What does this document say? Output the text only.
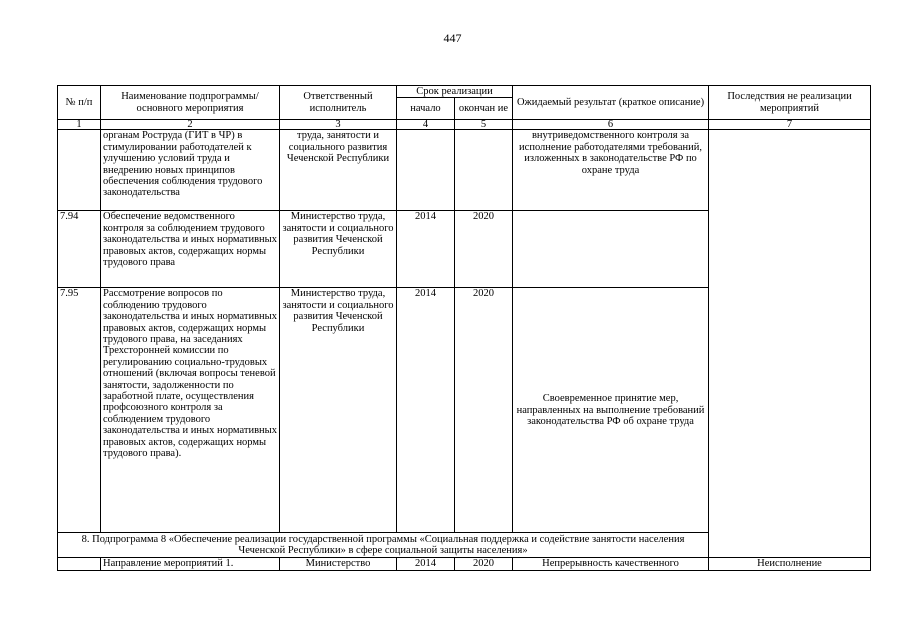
447
№ п/п	Наименование подпрограммы/ основного мероприятия	Ответственный исполнитель	Срок реализации		Ожидаемый результат (краткое описание)	Последствия не реализации мероприятий
			начало	окончан ие		
1	2	3	4	5	6	7
	органам Роструда (ГИТ в ЧР) в стимулировании работодателей к улучшению условий труда и внедрению новых принципов обеспечения соблюдения трудового законодательства	труда, занятости и социального развития Чеченской Республики			внутриведомственного контроля за исполнение работодателями требований, изложенных в законодательстве РФ по охране труда	
7.94	Обеспечение ведомственного контроля за соблюдением трудового законодательства и иных нормативных правовых актов, содержащих нормы трудового права	Министерство труда, занятости и социального развития Чеченской Республики	2014	2020		
7.95	Рассмотрение вопросов по соблюдению трудового законодательства и иных нормативных правовых актов, содержащих нормы трудового права, на заседаниях Трехсторонней комиссии по регулированию социально-трудовых отношений (включая вопросы теневой занятости, задолженности по заработной плате, осуществления профсоюзного контроля за соблюдением трудового законодательства и иных нормативных правовых актов, содержащих нормы трудового права).	Министерство труда, занятости и социального развития Чеченской Республики	2014	2020	Своевременное принятие мер, направленных на выполнение требований законодательства РФ об охране труда	
8. Подпрограмма 8 «Обеспечение реализации государственной программы «Социальная поддержка и содействие занятости населения Чеченской Республики» в сфере социальной защиты населения»						
	Направление мероприятий 1.	Министерство	2014	2020	Непрерывность качественного	Неисполнение
